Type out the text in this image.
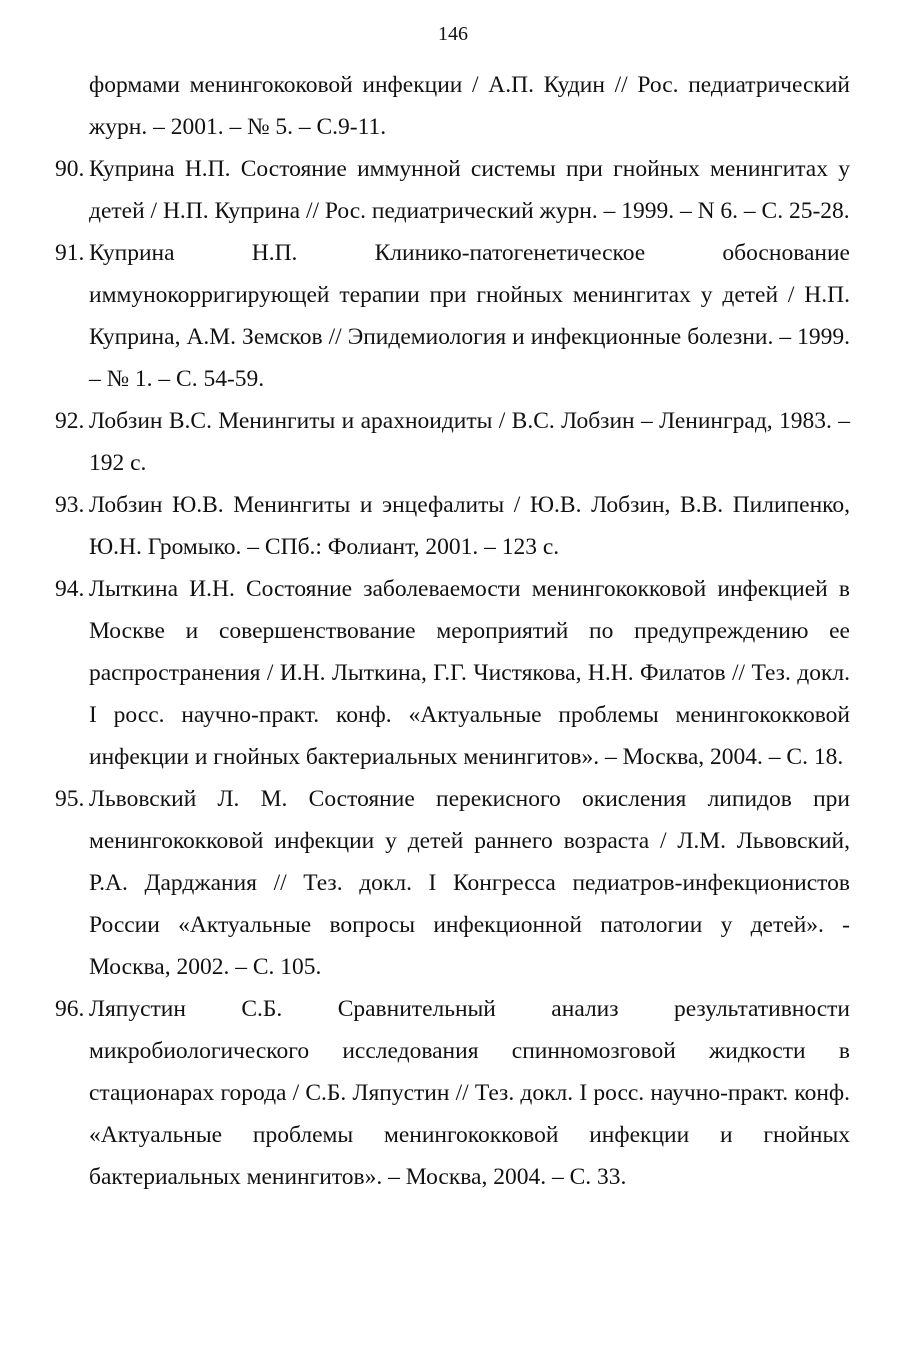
146
формами менингококовой инфекции / А.П. Кудин // Рос. педиатрический журн. – 2001. – № 5. – С.9-11.
90. Куприна Н.П. Состояние иммунной системы при гнойных менингитах у детей / Н.П. Куприна // Рос. педиатрический журн. – 1999. – N 6. – С. 25-28.
91. Куприна Н.П. Клинико-патогенетическое обоснование иммунокорригирующей терапии при гнойных менингитах у детей / Н.П. Куприна, А.М. Земсков // Эпидемиология и инфекционные болезни. – 1999. – № 1. – С. 54-59.
92. Лобзин В.С. Менингиты и арахноидиты / В.С. Лобзин – Ленинград, 1983. – 192 с.
93. Лобзин Ю.В. Менингиты и энцефалиты / Ю.В. Лобзин, В.В. Пилипенко, Ю.Н. Громыко. – СПб.: Фолиант, 2001. – 123 с.
94. Лыткина И.Н. Состояние заболеваемости менингококковой инфекцией в Москве и совершенствование мероприятий по предупреждению ее распространения / И.Н. Лыткина, Г.Г. Чистякова, Н.Н. Филатов // Тез. докл. I росс. научно-практ. конф. «Актуальные проблемы менингококковой инфекции и гнойных бактериальных менингитов». – Москва, 2004. – С. 18.
95. Львовский Л. М. Состояние перекисного окисления липидов при менингококковой инфекции у детей раннего возраста / Л.М. Львовский, Р.А. Дарджания // Тез. докл. I Конгресса педиатров-инфекционистов России «Актуальные вопросы инфекционной патологии у детей». - Москва, 2002. – С. 105.
96. Ляпустин С.Б. Сравнительный анализ результативности микробиологического исследования спинномозговой жидкости в стационарах города / С.Б. Ляпустин // Тез. докл. I росс. научно-практ. конф. «Актуальные проблемы менингококковой инфекции и гнойных бактериальных менингитов». – Москва, 2004. – С. 33.
